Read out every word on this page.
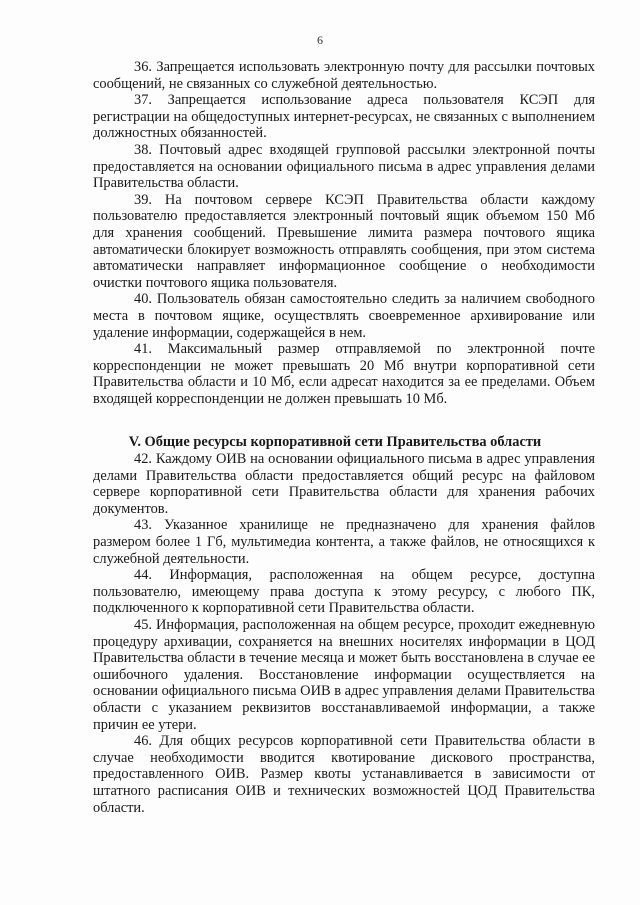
6

36. Запрещается использовать электронную почту для рассылки почтовых сообщений, не связанных со служебной деятельностью.

37. Запрещается использование адреса пользователя КСЭП для регистрации на общедоступных интернет-ресурсах, не связанных с выполнением должностных обязанностей.

38. Почтовый адрес входящей групповой рассылки электронной почты предоставляется на основании официального письма в адрес управления делами Правительства области.

39. На почтовом сервере КСЭП Правительства области каждому пользователю предоставляется электронный почтовый ящик объемом 150 Мб для хранения сообщений. Превышение лимита размера почтового ящика автоматически блокирует возможность отправлять сообщения, при этом система автоматически направляет информационное сообщение о необходимости очистки почтового ящика пользователя.

40. Пользователь обязан самостоятельно следить за наличием свободного места в почтовом ящике, осуществлять своевременное архивирование или удаление информации, содержащейся в нем.

41. Максимальный размер отправляемой по электронной почте корреспонденции не может превышать 20 Мб внутри корпоративной сети Правительства области и 10 Мб, если адресат находится за ее пределами. Объем входящей корреспонденции не должен превышать 10 Мб.

V. Общие ресурсы корпоративной сети Правительства области

42. Каждому ОИВ на основании официального письма в адрес управления делами Правительства области предоставляется общий ресурс на файловом сервере корпоративной сети Правительства области для хранения рабочих документов.

43. Указанное хранилище не предназначено для хранения файлов размером более 1 Гб, мультимедиа контента, а также файлов, не относящихся к служебной деятельности.

44. Информация, расположенная на общем ресурсе, доступна пользователю, имеющему права доступа к этому ресурсу, с любого ПК, подключенного к корпоративной сети Правительства области.

45. Информация, расположенная на общем ресурсе, проходит ежедневную процедуру архивации, сохраняется на внешних носителях информации в ЦОД Правительства области в течение месяца и может быть восстановлена в случае ее ошибочного удаления. Восстановление информации осуществляется на основании официального письма ОИВ в адрес управления делами Правительства области с указанием реквизитов восстанавливаемой информации, а также причин ее утери.

46. Для общих ресурсов корпоративной сети Правительства области в случае необходимости вводится квотирование дискового пространства, предоставленного ОИВ. Размер квоты устанавливается в зависимости от штатного расписания ОИВ и технических возможностей ЦОД Правительства области.
